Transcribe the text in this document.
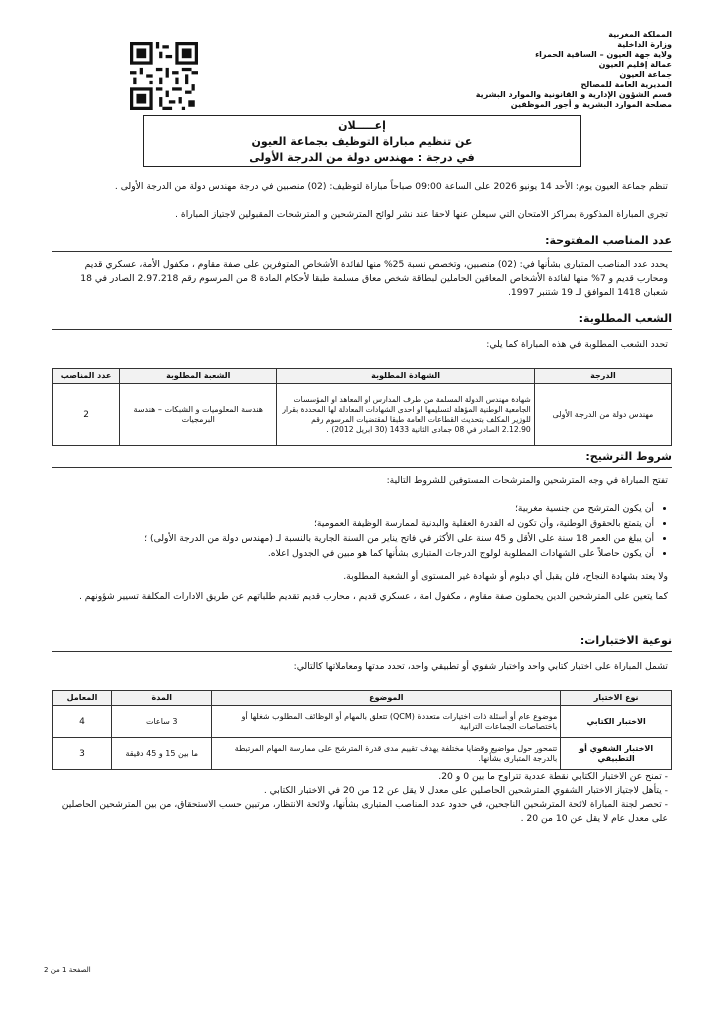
المملكة المغربية
وزارة الداخلية
ولاية جهة العيون – الساقية الحمراء
عمالة إقليم العيون
جماعة العيون
المديرية العامة للمصالح
قسم الشؤون الإدارية و القانونية والموارد البشرية
مصلحة الموارد البشرية و أجور الموظفين
إعـــــلان
عن تنظيم مباراة التوظيف بجماعة العيون
في درجة : مهندس دولة من الدرجة الأولى
تنظم جماعة العيون يوم: الأحد 14 يونيو 2026 على الساعة 09:00 صباحاً مباراة لتوظيف: (02) منصبين في درجة مهندس دولة من الدرجة الأولى .
تجرى المباراة المذكورة بمراكز الامتحان التي سيعلن عنها لاحقا عند نشر لوائح المترشحين و المترشحات المقبولين لاجتياز المباراة .
عدد المناصب المفتوحة:
يحدد عدد المناصب المتبارى بشأنها في: (02) منصبين، وتخصص نسبة 25% منها لفائدة الأشخاص المتوفرين على صفة مقاوم ، مكفول الأمة، عسكري قديم ومحارب قديم و 7% منها لفائدة الأشخاص المعاقين الحاملين لبطاقة شخص معاق مسلمة طبقا لأحكام المادة 8 من المرسوم رقم 2.97.218 الصادر في 18 شعبان 1418 الموافق لـ 19 شتنبر 1997.
الشعب المطلوبة:
تحدد الشعب المطلوبة في هذه المباراة كما يلي:
الدرجة	الشهادة المطلوبة	الشعبة المطلوبة	عدد المناصب
مهندس دولة من الدرجة الأولى	شهادة مهندس الدولة المسلمة من طرف المدارس او المعاهد او المؤسسات الجامعية الوطنية المؤهلة لتسليمها او احدى الشهادات المعادلة لها المحددة بقرار للوزير المكلف بتحديث القطاعات العامة طبقا لمقتضيات المرسوم رقم 2.12.90 الصادر في 08 جمادى الثانية 1433 (30 ابريل 2012) .	هندسة المعلوميات و الشبكات – هندسة البرمجيات	2
شروط الترشيح:
تفتح المباراة في وجه المترشحين والمترشحات المستوفين للشروط التالية:
• أن يكون المترشح من جنسية مغربية؛
• أن يتمتع بالحقوق الوطنية، وأن تكون له القدرة العقلية والبدنية لممارسة الوظيفة العمومية؛
• أن يبلغ من العمر 18 سنة على الأقل و 45 سنة على الأكثر في فاتح يناير من السنة الجارية بالنسبة لـ (مهندس دولة من الدرجة الأولى) ؛
• أن يكون حاصلاً على الشهادات المطلوبة لولوج الدرجات المتبارى بشأنها كما هو مبين في الجدول اعلاه.
ولا يعتد بشهادة النجاح، فلن يقبل أي دبلوم أو شهادة غير المستوى أو الشعبة المطلوبة.
كما يتعين على المترشحين الدين يحملون صفة مقاوم ، مكفول امة ، عسكري قديم ، محارب قديم تقديم طلباتهم عن طريق الادارات المكلفة تسيير شؤونهم .
نوعية الاختبارات:
تشمل المباراة على اختبار كتابي واحد واختبار شفوي أو تطبيقي واحد، تحدد مدتها ومعاملاتها كالتالي:
نوع الاختبار	الموضوع	المدة	المعامل
الاختبار الكتابي	موضوع عام أو أسئلة ذات اختيارات متعددة (QCM) تتعلق بالمهام أو الوظائف المطلوب شغلها أو باختصاصات الجماعات الترابية	3 ساعات	4
الاختبار الشفوي أو التطبيقي	تتمحور حول مواضيع وقضايا مختلفة يهدف تقييم مدى قدرة المترشح على ممارسة المهام المرتبطة بالدرجة المتبارى بشأنها.	ما بين 15 و 45 دقيقة	3
- تمنح عن الاختبار الكتابي نقطة عددية تتراوح ما بين 0 و 20.
- يتأهل لاجتياز الاختبار الشفوي المترشحين الحاصلين على معدل لا يقل عن 12 من 20 في الاختبار الكتابي .
- تحصر لجنة المباراة لائحة المترشحين الناجحين، في حدود عدد المناصب المتبارى بشأنها، ولائحة الانتظار، مرتبين حسب الاستحقاق، من بين المترشحين الحاصلين على معدل عام لا يقل عن 10 من 20 .
الصفحة 1 من 2
